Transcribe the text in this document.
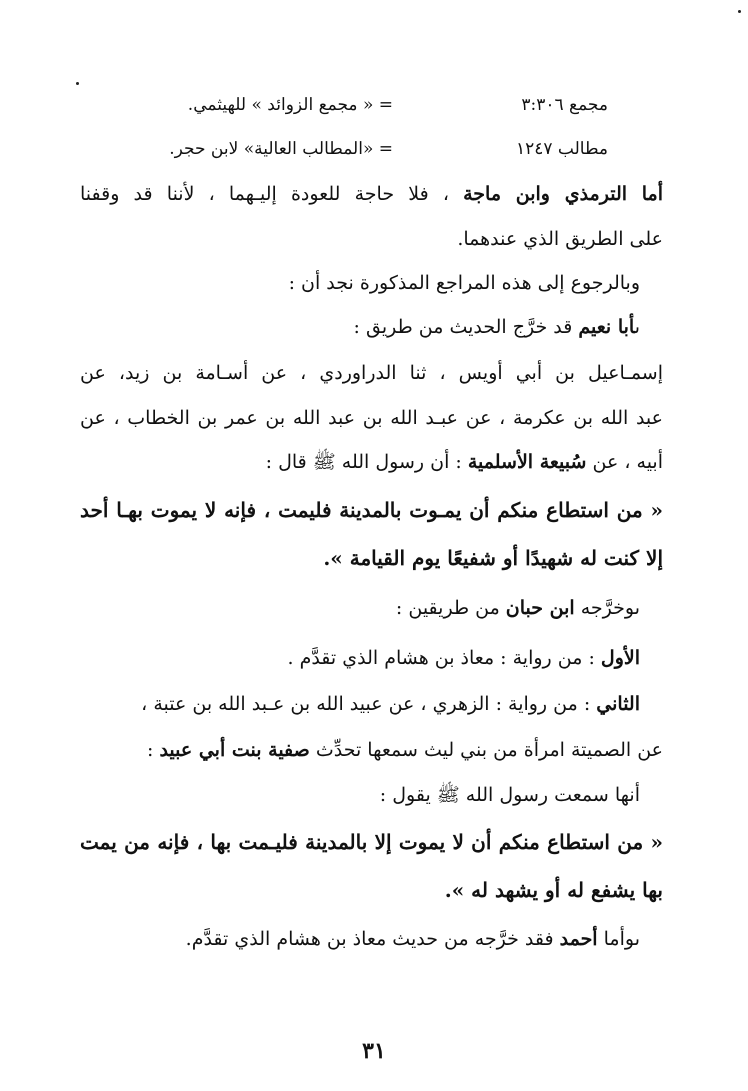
مجمع ٣:٣٠٦= « مجمع الزوائد » للهيثمي.
مطالب ١٢٤٧= «المطالب العالية» لابن حجر.
أما الترمذي وابن ماجة ، فلا حاجة للعودة إليـهما ، لأننا قد وقفنا
على الطريق الذي عندهما.
وبالرجوع إلى هذه المراجع المذكورة نجد أن :
ںأبا نعيم قد خرَّج الحديث من طريق :
إسمـاعيل بن أبي أويس ، ثنا الدراوردي ، عن أسـامة بن زيد، عن
عبد الله بن عكرمة ، عن عبـد الله بن عبد الله بن عمر بن الخطاب ، عن
أبيه ، عن سُبيعة الأسلمية : أن رسول الله ﷺ قال :
« من استطاع منكم أن يمـوت بالمدينة فليمت ، فإنه لا يموت بهـا أحد
إلا كنت له شهيدًا أو شفيعًا يوم القيامة ».
ںوخرَّجه ابن حبان من طريقين :
الأول : من رواية : معاذ بن هشام الذي تقدَّم .
الثاني : من رواية : الزهري ، عن عبيد الله بن عـبد الله بن عتبة ،
عن الصميتة امرأة من بني ليث سمعها تحدِّث صفية بنت أبي عبيد :
أنها سمعت رسول الله ﷺ يقول :
« من استطاع منكم أن لا يموت إلا بالمدينة فليـمت بها ، فإنه من يمت
بها يشفع له أو يشهد له ».
ںوأما أحمد فقد خرَّجه من حديث معاذ بن هشام الذي تقدَّم.
٣١
